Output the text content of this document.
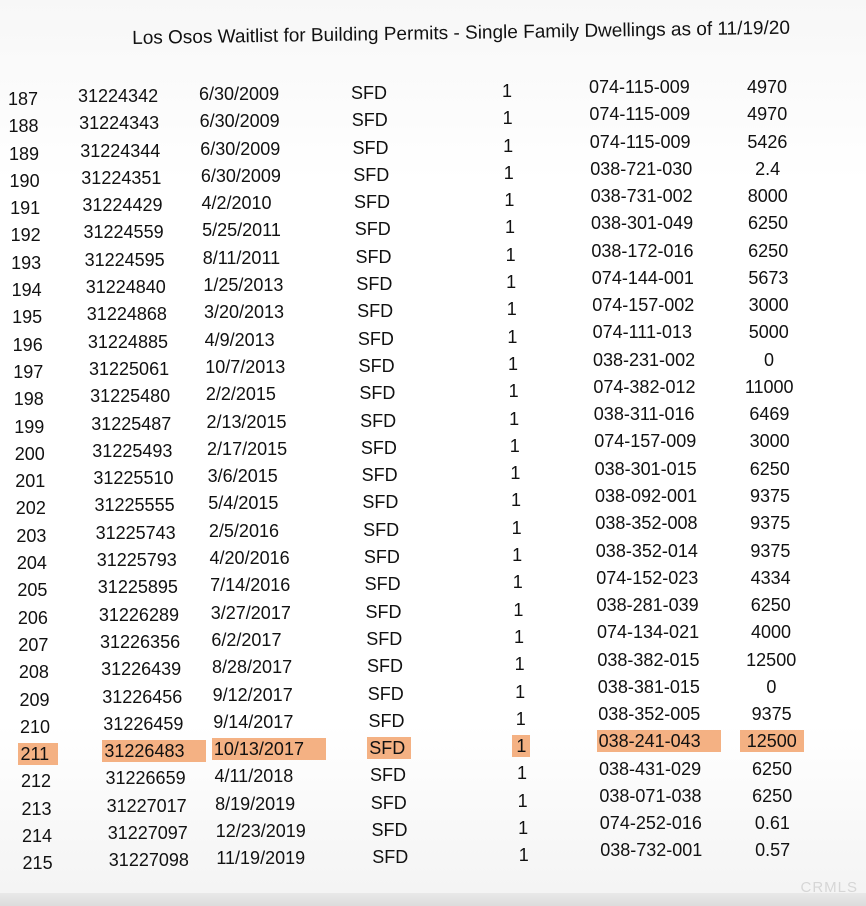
Los Osos Waitlist for Building Permits - Single Family Dwellings as of 11/19/20
187	31224342	6/30/2009	SFD	1	074-115-009	4970
188	31224343	6/30/2009	SFD	1	074-115-009	4970
189	31224344	6/30/2009	SFD	1	074-115-009	5426
190	31224351	6/30/2009	SFD	1	038-721-030	2.4
191	31224429	4/2/2010	SFD	1	038-731-002	8000
192	31224559	5/25/2011	SFD	1	038-301-049	6250
193	31224595	8/11/2011	SFD	1	038-172-016	6250
194	31224840	1/25/2013	SFD	1	074-144-001	5673
195	31224868	3/20/2013	SFD	1	074-157-002	3000
196	31224885	4/9/2013	SFD	1	074-111-013	5000
197	31225061	10/7/2013	SFD	1	038-231-002	0
198	31225480	2/2/2015	SFD	1	074-382-012	11000
199	31225487	2/13/2015	SFD	1	038-311-016	6469
200	31225493	2/17/2015	SFD	1	074-157-009	3000
201	31225510	3/6/2015	SFD	1	038-301-015	6250
202	31225555	5/4/2015	SFD	1	038-092-001	9375
203	31225743	2/5/2016	SFD	1	038-352-008	9375
204	31225793	4/20/2016	SFD	1	038-352-014	9375
205	31225895	7/14/2016	SFD	1	074-152-023	4334
206	31226289	3/27/2017	SFD	1	038-281-039	6250
207	31226356	6/2/2017	SFD	1	074-134-021	4000
208	31226439	8/28/2017	SFD	1	038-382-015	12500
209	31226456	9/12/2017	SFD	1	038-381-015	0
210	31226459	9/14/2017	SFD	1	038-352-005	9375
211	31226483	10/13/2017	SFD	1	038-241-043	12500
212	31226659	4/11/2018	SFD	1	038-431-029	6250
213	31227017	8/19/2019	SFD	1	038-071-038	6250
214	31227097	12/23/2019	SFD	1	074-252-016	0.61
215	31227098	11/19/2019	SFD	1	038-732-001	0.57
CRMLS
